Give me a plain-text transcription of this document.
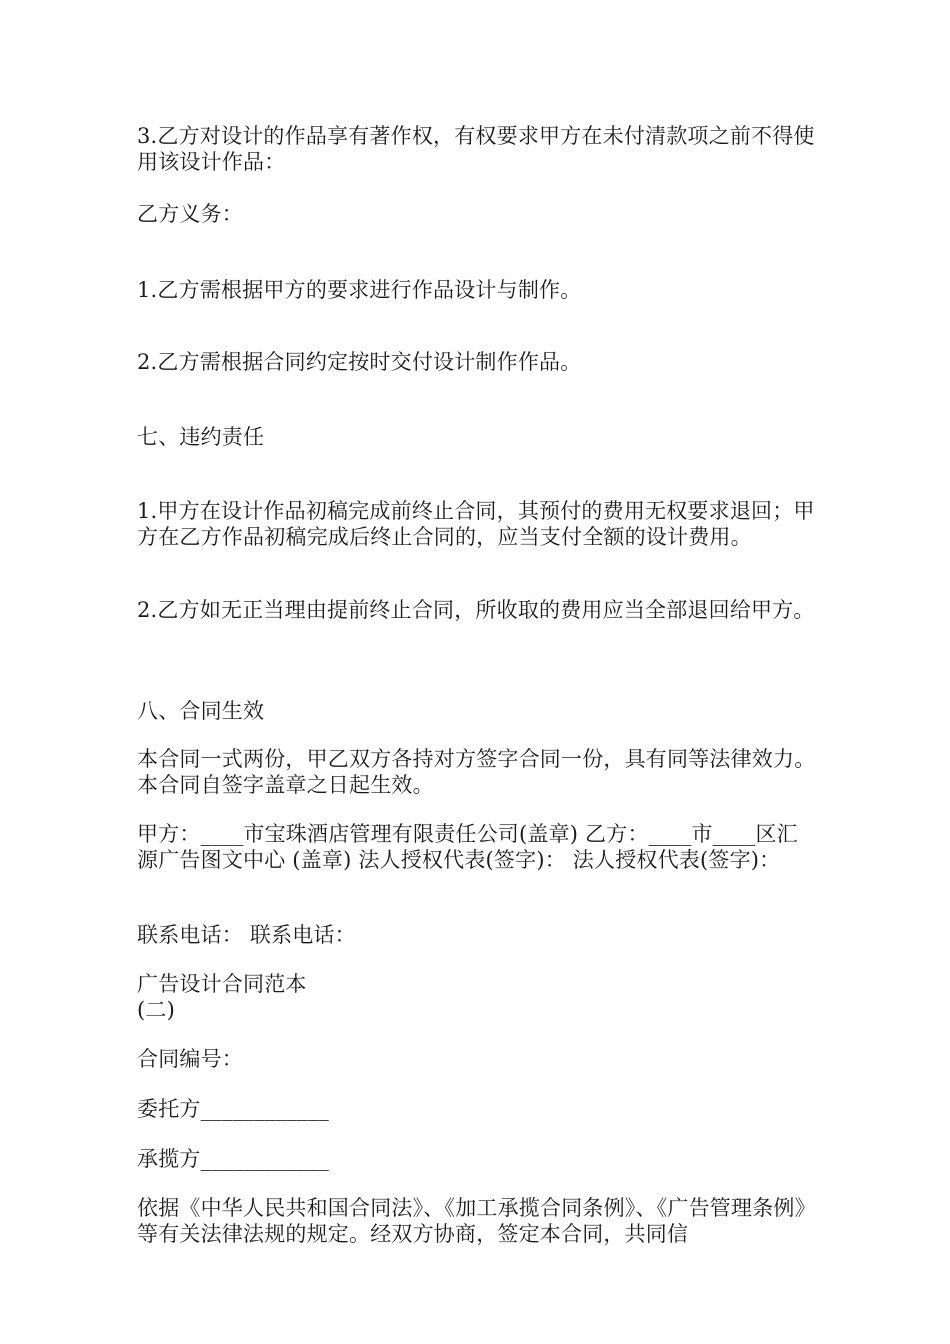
3.乙方对设计的作品享有著作权，有权要求甲方在未付清款项之前不得使用该设计作品：

乙方义务：

1.乙方需根据甲方的要求进行作品设计与制作。

2.乙方需根据合同约定按时交付设计制作作品。

七、违约责任

1.甲方在设计作品初稿完成前终止合同，其预付的费用无权要求退回；甲方在乙方作品初稿完成后终止合同的，应当支付全额的设计费用。

2.乙方如无正当理由提前终止合同，所收取的费用应当全部退回给甲方。

八、合同生效

本合同一式两份，甲乙双方各持对方签字合同一份，具有同等法律效力。本合同自签字盖章之日起生效。

甲方：____市宝珠酒店管理有限责任公司(盖章) 乙方：____市____区汇源广告图文中心 (盖章) 法人授权代表(签字)： 法人授权代表(签字)：

联系电话： 联系电话：

广告设计合同范本
(二)

合同编号：

委托方____________

承揽方____________

依据《中华人民共和国合同法》、《加工承揽合同条例》、《广告管理条例》等有关法律法规的规定。经双方协商，签定本合同，共同信
